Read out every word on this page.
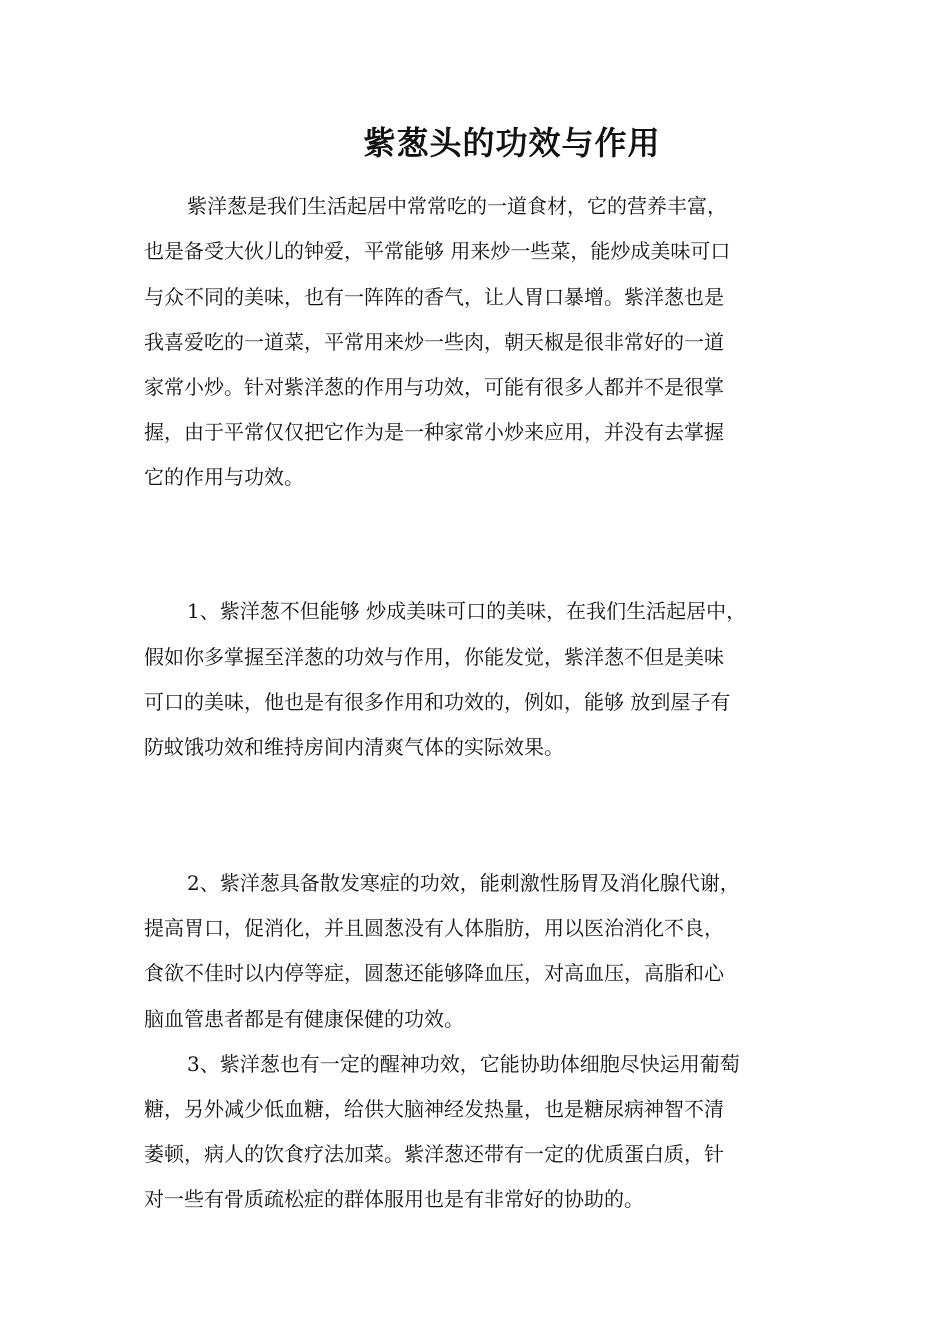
紫葱头的功效与作用
紫洋葱是我们生活起居中常常吃的一道食材，它的营养丰富，
也是备受大伙儿的钟爱，平常能够 用来炒一些菜，能炒成美味可口
与众不同的美味，也有一阵阵的香气，让人胃口暴增。紫洋葱也是
我喜爱吃的一道菜，平常用来炒一些肉，朝天椒是很非常好的一道
家常小炒。针对紫洋葱的作用与功效，可能有很多人都并不是很掌
握，由于平常仅仅把它作为是一种家常小炒来应用，并没有去掌握
它的作用与功效。
1、紫洋葱不但能够 炒成美味可口的美味，在我们生活起居中，
假如你多掌握至洋葱的功效与作用，你能发觉，紫洋葱不但是美味
可口的美味，他也是有很多作用和功效的，例如，能够 放到屋子有
防蚊饿功效和维持房间内清爽气体的实际效果。
2、紫洋葱具备散发寒症的功效，能刺激性肠胃及消化腺代谢，
提高胃口，促消化，并且圆葱没有人体脂肪，用以医治消化不良，
食欲不佳时以内停等症，圆葱还能够降血压，对高血压，高脂和心
脑血管患者都是有健康保健的功效。
3、紫洋葱也有一定的醒神功效，它能协助体细胞尽快运用葡萄
糖，另外减少低血糖，给供大脑神经发热量，也是糖尿病神智不清
萎顿，病人的饮食疗法加菜。紫洋葱还带有一定的优质蛋白质，针
对一些有骨质疏松症的群体服用也是有非常好的协助的。
